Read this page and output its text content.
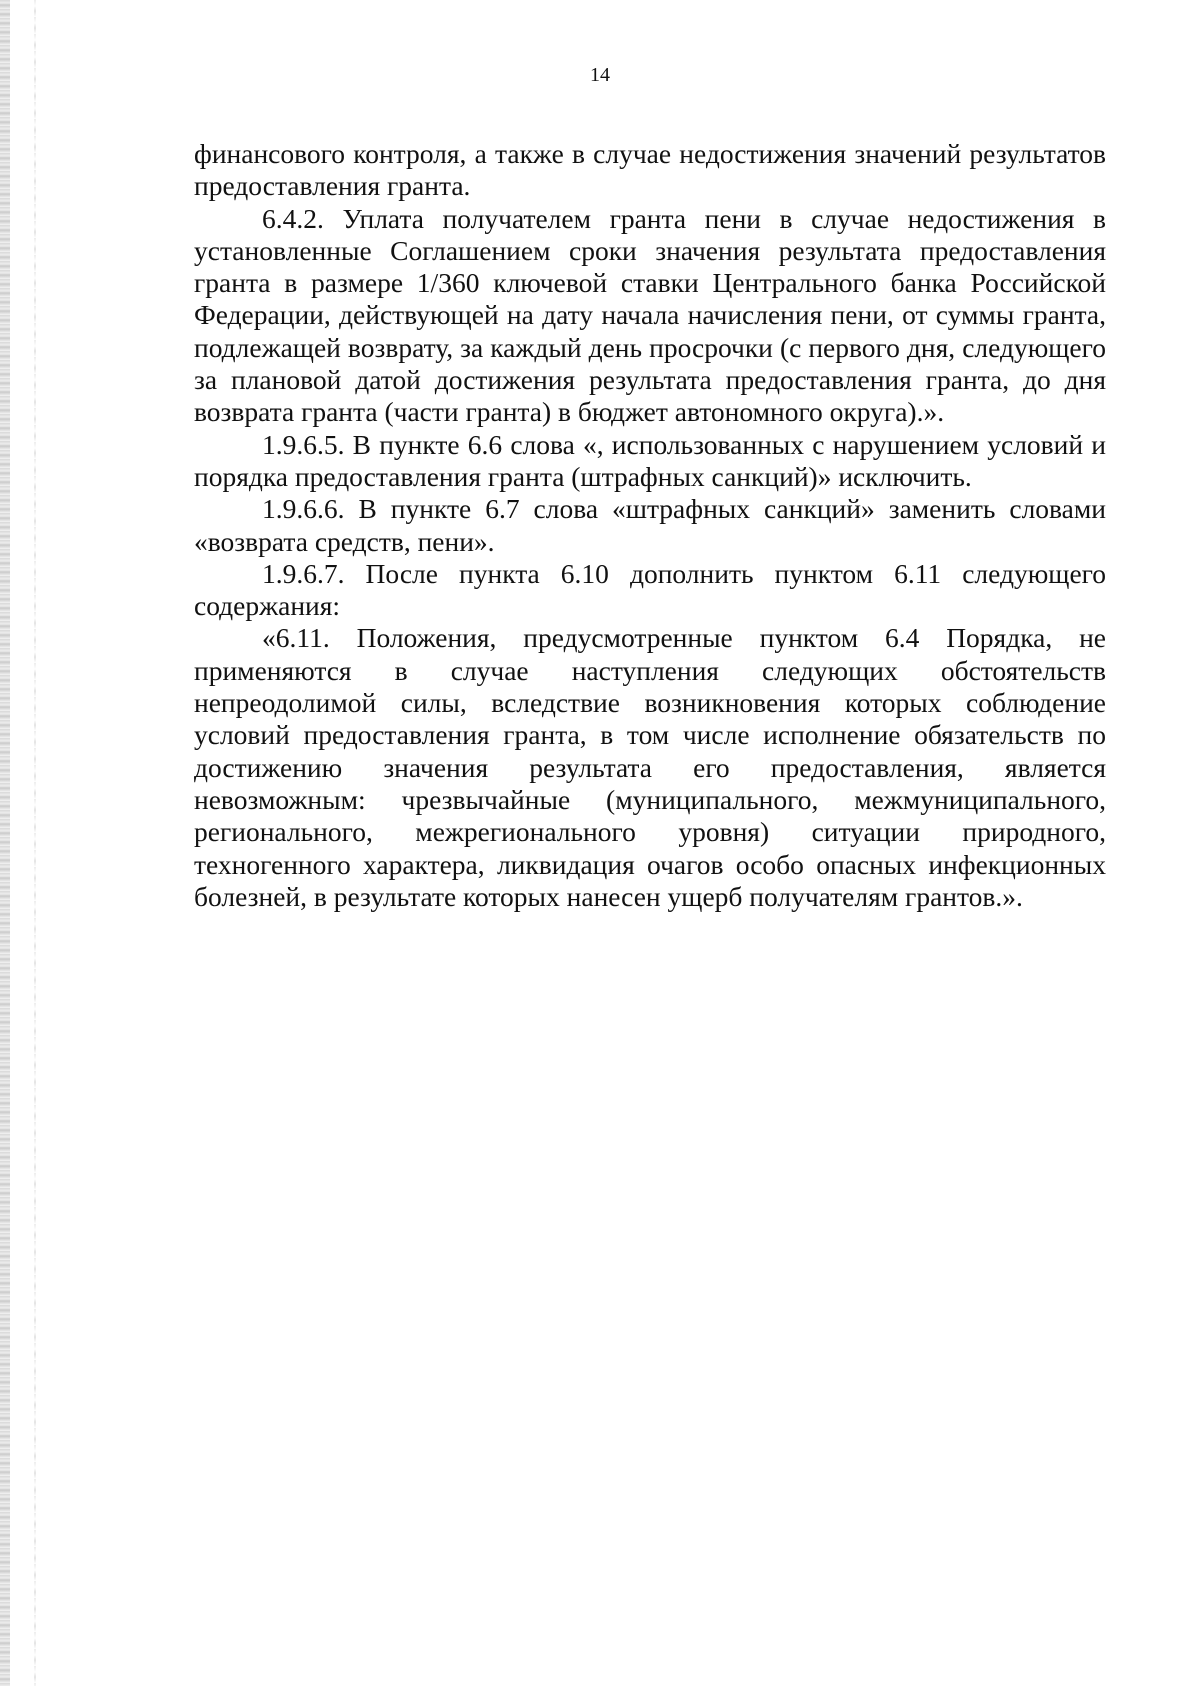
14

финансового контроля, а также в случае недостижения значений результатов предоставления гранта.

6.4.2. Уплата получателем гранта пени в случае недостижения в установленные Соглашением сроки значения результата предоставления гранта в размере 1/360 ключевой ставки Центрального банка Российской Федерации, действующей на дату начала начисления пени, от суммы гранта, подлежащей возврату, за каждый день просрочки (с первого дня, следующего за плановой датой достижения результата предоставления гранта, до дня возврата гранта (части гранта) в бюджет автономного округа).».

1.9.6.5. В пункте 6.6 слова «, использованных с нарушением условий и порядка предоставления гранта (штрафных санкций)» исключить.

1.9.6.6. В пункте 6.7 слова «штрафных санкций» заменить словами «возврата средств, пени».

1.9.6.7. После пункта 6.10 дополнить пунктом 6.11 следующего содержания:

«6.11. Положения, предусмотренные пунктом 6.4 Порядка, не применяются в случае наступления следующих обстоятельств непреодолимой силы, вследствие возникновения которых соблюдение условий предоставления гранта, в том числе исполнение обязательств по достижению значения результата его предоставления, является невозможным: чрезвычайные (муниципального, межмуниципального, регионального, межрегионального уровня) ситуации природного, техногенного характера, ликвидация очагов особо опасных инфекционных болезней, в результате которых нанесен ущерб получателям грантов.».
